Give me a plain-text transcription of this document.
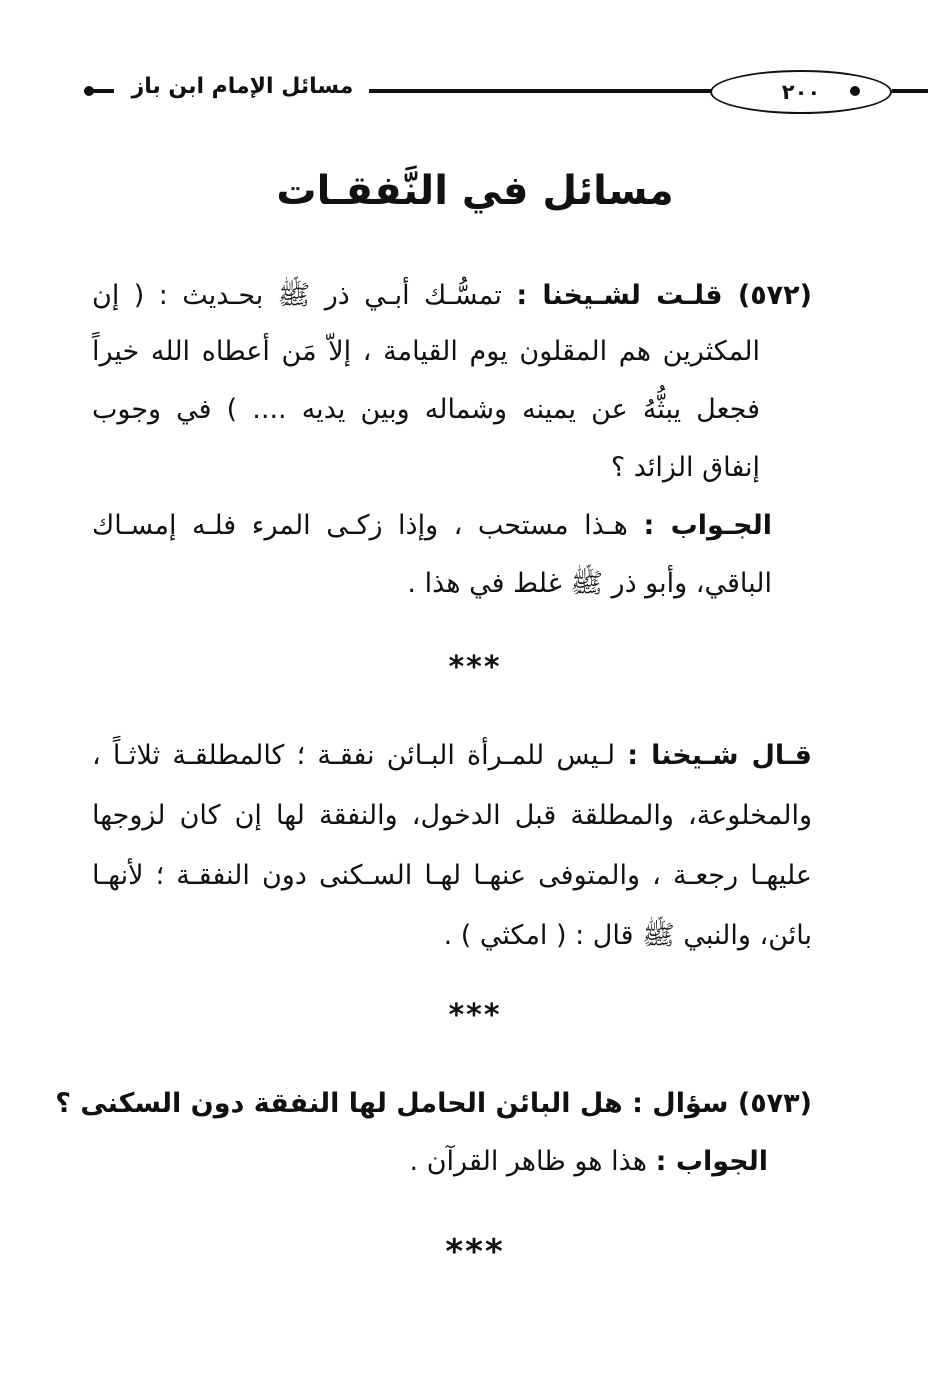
مسائل الإمام ابن باز	٢٠٠
مسائل في النَّفقـات
(٥٧٢) قلـت لشـيخنا : تمسُّـك أبـي ذر ﷺ بحـديث : ( إن
المكثرين هم المقلون يوم القيامة ، إلاّ مَن أعطاه الله خيراً
فجعل يبثُّهُ عن يمينه وشماله وبين يديه .... ) في وجوب
إنفاق الزائد ؟
الجـواب : هـذا مستحب ، وإذا زكـى المرء فلـه إمسـاك
الباقي، وأبو ذر ﷺ غلط في هذا .
***
قـال شـيخنا : لـيس للمـرأة البـائن نفقـة ؛ كالمطلقـة ثلاثـاً ،
والمخلوعة، والمطلقة قبل الدخول، والنفقة لها إن كان لزوجها
عليهـا رجعـة ، والمتوفى عنهـا لهـا السـكنى دون النفقـة ؛ لأنهـا
بائن، والنبي ﷺ قال : ( امكثي ) .
***
(٥٧٣) سؤال : هل البائن الحامل لها النفقة دون السكنى ؟
الجواب : هذا هو ظاهر القرآن .
***
